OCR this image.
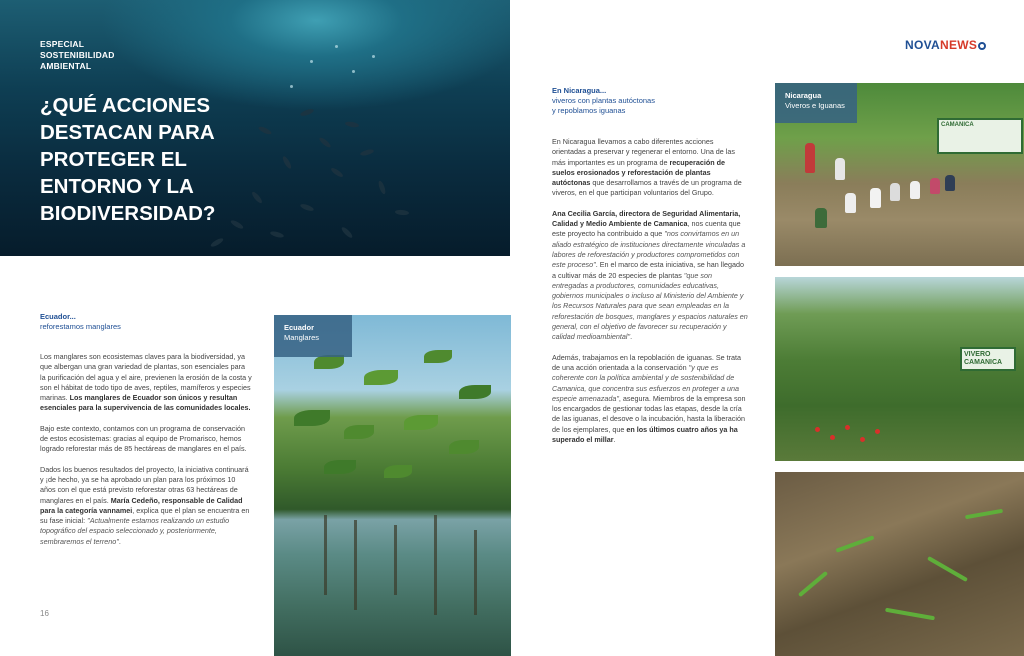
ESPECIAL
SOSTENIBILIDAD
AMBIENTAL
¿QUÉ ACCIONES
DESTACAN PARA
PROTEGER EL
ENTORNO Y LA
BIODIVERSIDAD?
NOVANEWS
Ecuador...
reforestamos manglares

Los manglares son ecosistemas claves para la biodiversidad, ya que albergan una gran variedad de plantas, son esenciales para la purificación del agua y el aire, previenen la erosión de la costa y son el hábitat de todo tipo de aves, reptiles, mamíferos y especies marinas. Los manglares de Ecuador son únicos y resultan esenciales para la supervivencia de las comunidades locales.

Bajo este contexto, contamos con un programa de conservación de estos ecosistemas: gracias al equipo de Promarisco, hemos logrado reforestar más de 85 hectáreas de manglares en el país.

Dados los buenos resultados del proyecto, la iniciativa continuará y ¡de hecho, ya se ha aprobado un plan para los próximos 10 años con el que está previsto reforestar otras 63 hectáreas de manglares en el país. María Cedeño, responsable de Calidad para la categoría vannamei, explica que el plan se encuentra en su fase inicial: "Actualmente estamos realizando un estudio topográfico del espacio seleccionado y, posteriormente, sembraremos el terreno".

Ecuador
Manglares
En Nicaragua...
viveros con plantas autóctonas
y repoblamos iguanas

En Nicaragua llevamos a cabo diferentes acciones orientadas a preservar y regenerar el entorno. Una de las más importantes es un programa de recuperación de suelos erosionados y reforestación de plantas autóctonas que desarrollamos a través de un programa de viveros, en el que participan voluntarios del Grupo.

Ana Cecilia García, directora de Seguridad Alimentaria, Calidad y Medio Ambiente de Camanica, nos cuenta que este proyecto ha contribuido a que "nos convirtamos en un aliado estratégico de instituciones directamente vinculadas a labores de reforestación y productores comprometidos con este proceso". En el marco de esta iniciativa, se han llegado a cultivar más de 20 especies de plantas "que son entregadas a productores, comunidades educativas, gobiernos municipales o incluso al Ministerio del Ambiente y los Recursos Naturales para que sean empleadas en la reforestación de bosques, manglares y espacios naturales en general, con el objetivo de favorecer su recuperación y calidad medioambiental".

Además, trabajamos en la repoblación de iguanas. Se trata de una acción orientada a la conservación "y que es coherente con la política ambiental y de sostenibilidad de Camanica, que concentra sus esfuerzos en proteger a una especie amenazada", asegura. Miembros de la empresa son los encargados de gestionar todas las etapas, desde la cría de las iguanas, el desove o la incubación, hasta la liberación de los ejemplares, que en los últimos cuatro años ya ha superado el millar.

CAMANICA
Nicaragua
Viveros e Iguanas
VIVERO
CAMANICA
16
